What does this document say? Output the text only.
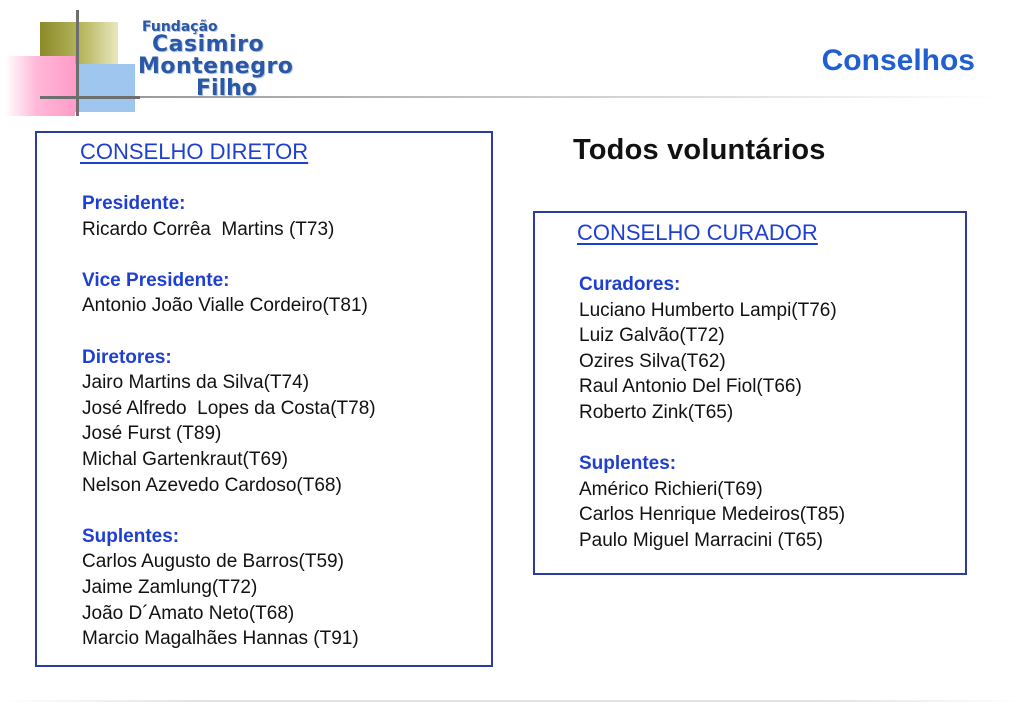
Fundação
Casimiro
Montenegro
Filho
Conselhos
Todos voluntários
CONSELHO DIRETOR
Presidente:
Ricardo Corrêa  Martins (T73)
Vice Presidente:
Antonio João Vialle Cordeiro(T81)
Diretores:
Jairo Martins da Silva(T74)
José Alfredo  Lopes da Costa(T78)
José Furst (T89)
Michal Gartenkraut(T69)
Nelson Azevedo Cardoso(T68)
Suplentes:
Carlos Augusto de Barros(T59)
Jaime Zamlung(T72)
João D´Amato Neto(T68)
Marcio Magalhães Hannas (T91)
CONSELHO CURADOR
Curadores:
Luciano Humberto Lampi(T76)
Luiz Galvão(T72)
Ozires Silva(T62)
Raul Antonio Del Fiol(T66)
Roberto Zink(T65)
Suplentes:
Américo Richieri(T69)
Carlos Henrique Medeiros(T85)
Paulo Miguel Marracini (T65)
